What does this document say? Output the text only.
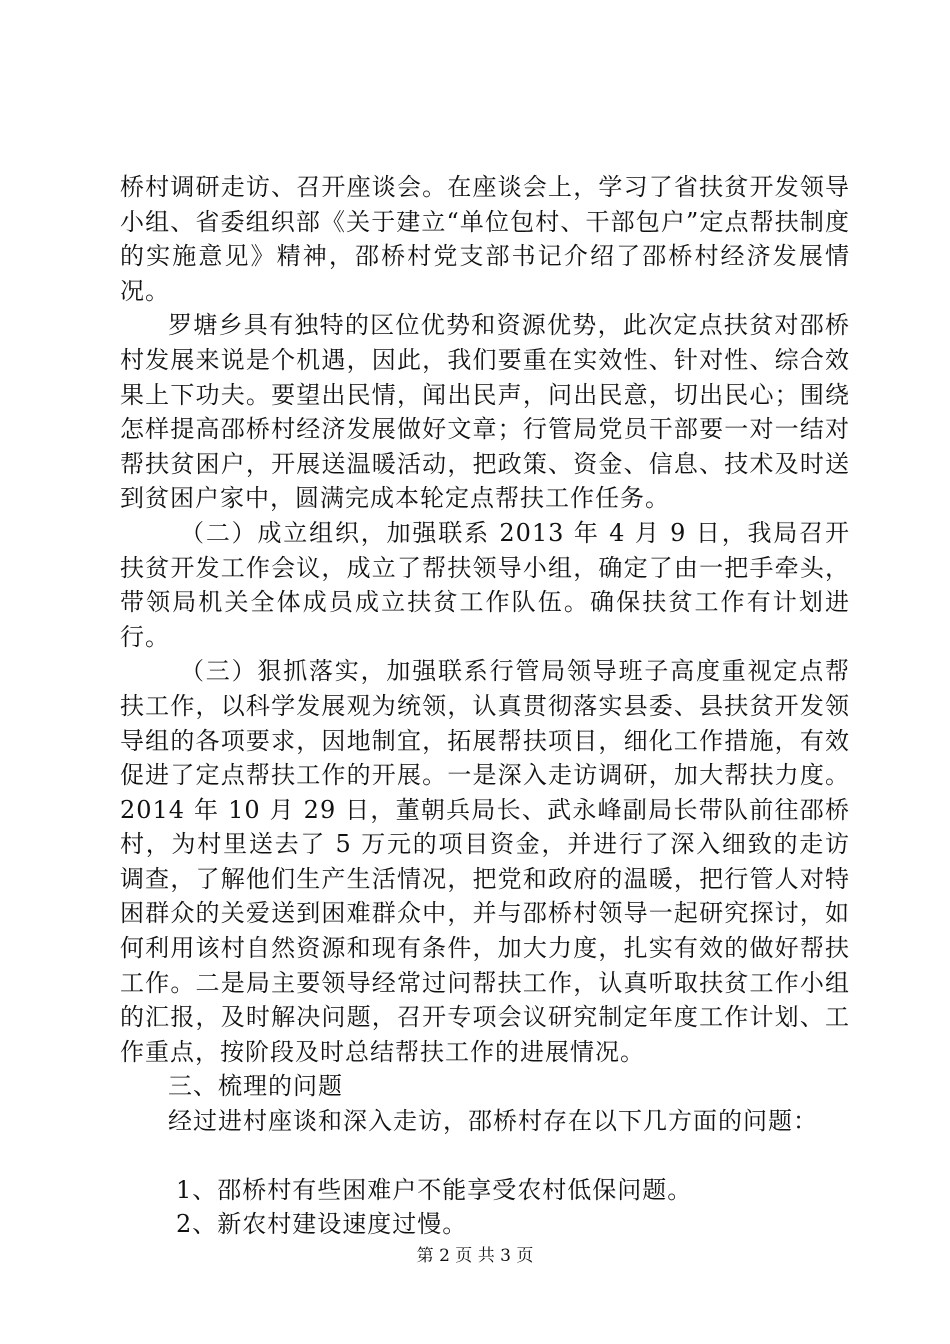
桥村调研走访、召开座谈会。在座谈会上，学习了省扶贫开发领导小组、省委组织部《关于建立“单位包村、干部包户”定点帮扶制度的实施意见》精神，邵桥村党支部书记介绍了邵桥村经济发展情况。

罗塘乡具有独特的区位优势和资源优势，此次定点扶贫对邵桥村发展来说是个机遇，因此，我们要重在实效性、针对性、综合效果上下功夫。要望出民情，闻出民声，问出民意，切出民心；围绕怎样提高邵桥村经济发展做好文章；行管局党员干部要一对一结对帮扶贫困户，开展送温暖活动，把政策、资金、信息、技术及时送到贫困户家中，圆满完成本轮定点帮扶工作任务。

（二）成立组织，加强联系 2013 年 4 月 9 日，我局召开扶贫开发工作会议，成立了帮扶领导小组，确定了由一把手牵头，带领局机关全体成员成立扶贫工作队伍。确保扶贫工作有计划进行。

（三）狠抓落实，加强联系行管局领导班子高度重视定点帮扶工作，以科学发展观为统领，认真贯彻落实县委、县扶贫开发领导组的各项要求，因地制宜，拓展帮扶项目，细化工作措施，有效促进了定点帮扶工作的开展。一是深入走访调研，加大帮扶力度。2014 年 10 月 29 日，董朝兵局长、武永峰副局长带队前往邵桥村，为村里送去了 5 万元的项目资金，并进行了深入细致的走访调查，了解他们生产生活情况，把党和政府的温暖，把行管人对特困群众的关爱送到困难群众中，并与邵桥村领导一起研究探讨，如何利用该村自然资源和现有条件，加大力度，扎实有效的做好帮扶工作。二是局主要领导经常过问帮扶工作，认真听取扶贫工作小组的汇报，及时解决问题，召开专项会议研究制定年度工作计划、工作重点，按阶段及时总结帮扶工作的进展情况。

三、梳理的问题

经过进村座谈和深入走访，邵桥村存在以下几方面的问题：

1、邵桥村有些困难户不能享受农村低保问题。

2、新农村建设速度过慢。

第 2 页 共 3 页
